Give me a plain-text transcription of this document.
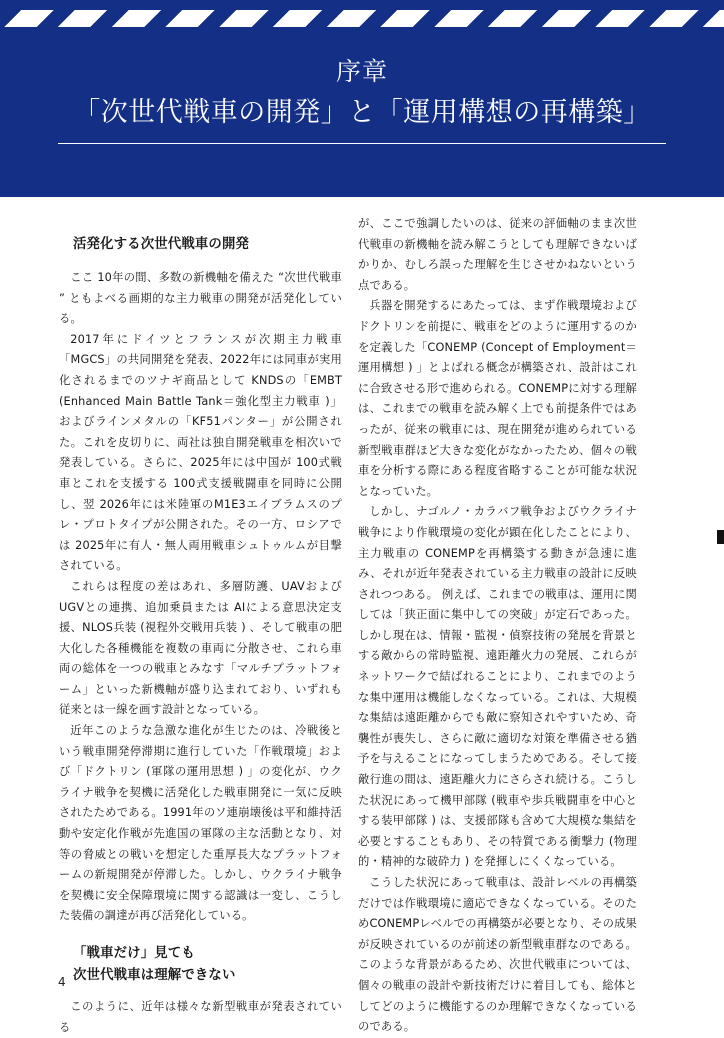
序章
「次世代戦車の開発」と「運用構想の再構築」
活発化する次世代戦車の開発

ここ 10年の間、多数の新機軸を備えた “次世代戦車 ” ともよべる画期的な主力戦車の開発が活発化している。

2017年にドイツとフランスが次期主力戦車「MGCS」の共同開発を発表、2022年には同車が実用化されるまでのツナギ商品として KNDSの「EMBT (Enhanced Main Battle Tank＝強化型主力戦車 )」およびラインメタルの「KF51パンター」が公開された。これを皮切りに、両社は独自開発戦車を相次いで発表している。さらに、2025年には中国が 100式戦車とこれを支援する 100式支援戦闘車を同時に公開し、翌 2026年には米陸軍のM1E3エイブラムスのプレ・プロトタイプが公開された。その一方、ロシアでは 2025年に有人・無人両用戦車シュトゥルムが目撃されている。

これらは程度の差はあれ、多層防護、UAVおよびUGVとの連携、追加乗員または AIによる意思決定支援、NLOS兵装 (視程外交戦用兵装 ) 、そして戦車の肥大化した各種機能を複数の車両に分散させ、これら車両の総体を一つの戦車とみなす「マルチプラットフォーム」といった新機軸が盛り込まれており、いずれも従来とは一線を画す設計となっている。

近年このような急激な進化が生じたのは、冷戦後という戦車開発停滞期に進行していた「作戦環境」および「ドクトリン (軍隊の運用思想 ) 」の変化が、ウクライナ戦争を契機に活発化した戦車開発に一気に反映されたためである。1991年のソ連崩壊後は平和維持活動や安定化作戦が先進国の軍隊の主な活動となり、対等の脅威との戦いを想定した重厚長大なプラットフォームの新規開発が停滞した。しかし、ウクライナ戦争を契機に安全保障環境に関する認識は一変し、こうした装備の調達が再び活発化している。

「戦車だけ」見ても
次世代戦車は理解できない

このように、近年は様々な新型戦車が発表されている

が、ここで強調したいのは、従来の評価軸のまま次世代戦車の新機軸を読み解こうとしても理解できないばかりか、むしろ誤った理解を生じさせかねないという点である。

兵器を開発するにあたっては、まず作戦環境およびドクトリンを前提に、戦車をどのように運用するのかを定義した「CONEMP (Concept of Employment＝運用構想 ) 」とよばれる概念が構築され、設計はこれに合致させる形で進められる。CONEMPに対する理解は、これまでの戦車を読み解く上でも前提条件ではあったが、従来の戦車には、現在開発が進められている新型戦車群ほど大きな変化がなかったため、個々の戦車を分析する際にある程度省略することが可能な状況となっていた。

しかし、ナゴルノ・カラバフ戦争およびウクライナ戦争により作戦環境の変化が顕在化したことにより、主力戦車の CONEMPを再構築する動きが急速に進み、それが近年発表されている主力戦車の設計に反映されつつある。 例えば、これまでの戦車は、運用に関しては「狭正面に集中しての突破」が定石であった。しかし現在は、情報・監視・偵察技術の発展を背景とする敵からの常時監視、遠距離火力の発展、これらがネットワークで結ばれることにより、これまでのような集中運用は機能しなくなっている。これは、大規模な集結は遠距離からでも敵に察知されやすいため、奇襲性が喪失し、さらに敵に適切な対策を準備させる猶予を与えることになってしまうためである。そして接敵行進の間は、遠距離火力にさらされ続ける。こうした状況にあって機甲部隊 (戦車や歩兵戦闘車を中心とする装甲部隊 ) は、支援部隊も含めて大規模な集結を必要とすることもあり、その特質である衝撃力 (物理的・精神的な破砕力 ) を発揮しにくくなっている。

こうした状況にあって戦車は、設計レベルの再構築だけでは作戦環境に適応できなくなっている。そのためCONEMPレベルでの再構築が必要となり、その成果が反映されているのが前述の新型戦車群なのである。このような背景があるため、次世代戦車については、個々の戦車の設計や新技術だけに着目しても、総体としてどのように機能するのか理解できなくなっているのである。

4
